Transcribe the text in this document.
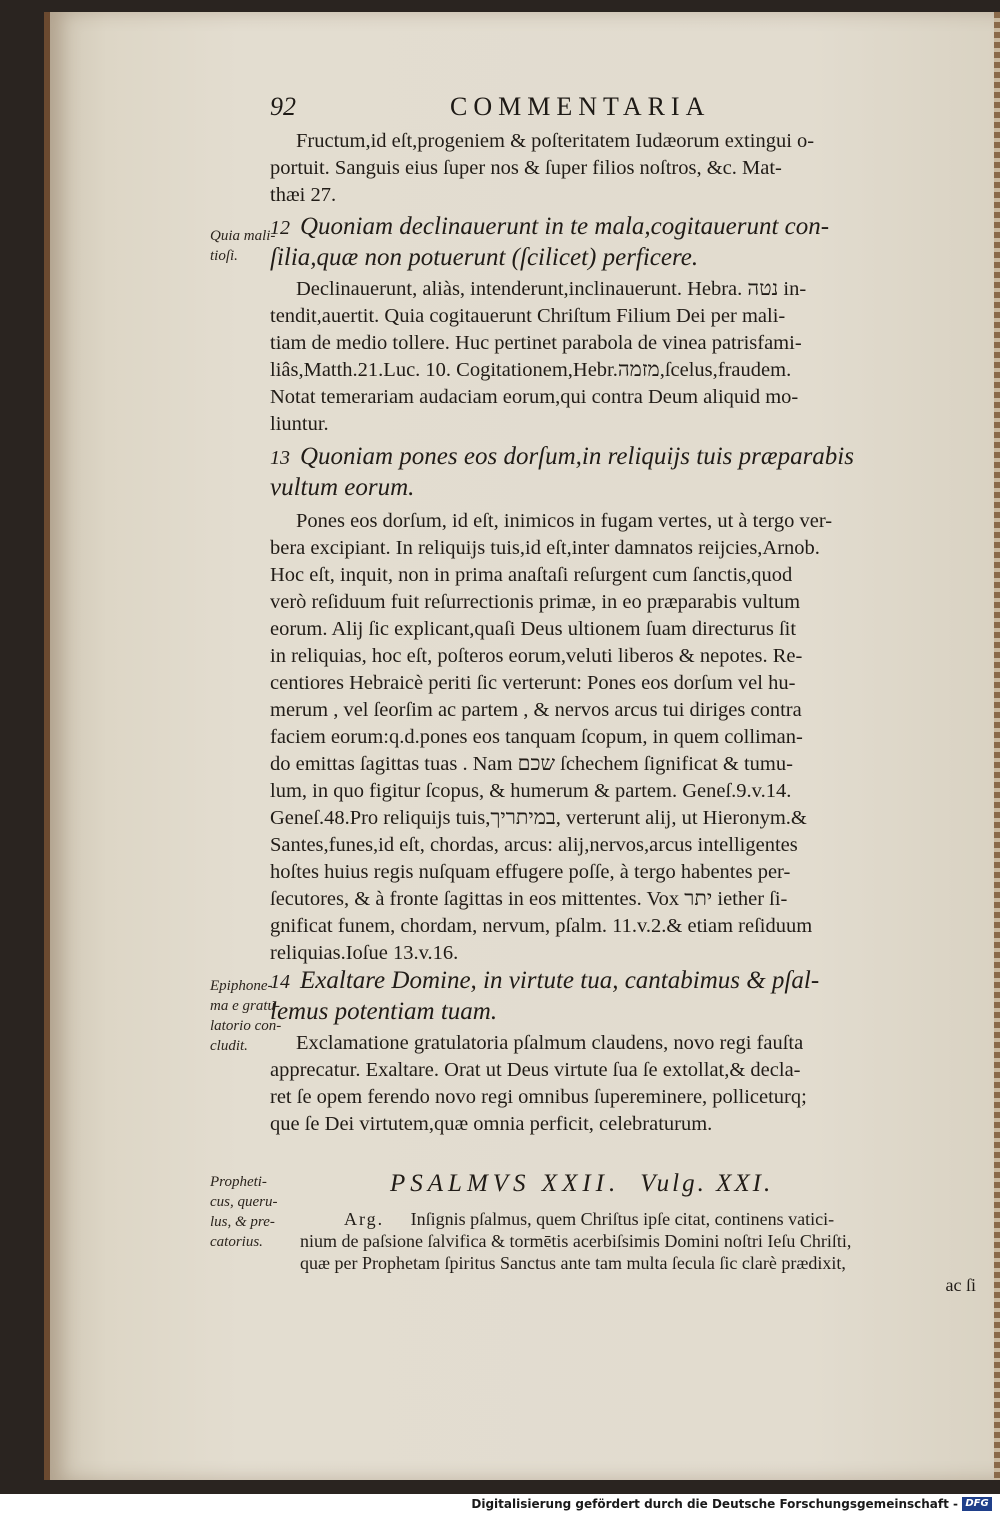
92	COMMENTARIA
Fructum,id eſt,progeniem & poſteritatem Iudæorum extingui o-
portuit. Sanguis eius ſuper nos & ſuper filios noſtros, &c. Mat-
thæi 27.
12 Quoniam declinauerunt in te mala,cogitauerunt con-
ſilia,quæ non potuerunt (ſcilicet) perficere.
Declinauerunt, aliàs, intenderunt,inclinauerunt. Hebra. נטה in-
tendit,auertit. Quia cogitauerunt Chriſtum Filium Dei per mali-
tiam de medio tollere. Huc pertinet parabola de vinea patrisfami-
liâs,Matth.21.Luc. 10. Cogitationem,Hebr.מזמה,ſcelus,fraudem.
Notat temerariam audaciam eorum,qui contra Deum aliquid mo-
liuntur.
13 Quoniam pones eos dorſum,in reliquijs tuis præparabis
vultum eorum.
Pones eos dorſum, id eſt, inimicos in fugam vertes, ut à tergo ver-
bera excipiant. In reliquijs tuis,id eſt,inter damnatos reijcies,Arnob.
Hoc eſt, inquit, non in prima anaſtaſi reſurgent cum ſanctis,quod
verò reſiduum fuit reſurrectionis primæ, in eo præparabis vultum
eorum. Alij ſic explicant,quaſi Deus ultionem ſuam directurus ſit
in reliquias, hoc eſt, poſteros eorum,veluti liberos & nepotes. Re-
centiores Hebraicè periti ſic verterunt: Pones eos dorſum vel hu-
merum , vel ſeorſim ac partem , & nervos arcus tui diriges contra
faciem eorum:q.d.pones eos tanquam ſcopum, in quem colliman-
do emittas ſagittas tuas . Nam שכם ſchechem ſignificat & tumu-
lum, in quo figitur ſcopus, & humerum & partem. Geneſ.9.v.14.
Geneſ.48.Pro reliquijs tuis,במיתריך, verterunt alij, ut Hieronym.&
Santes,funes,id eſt, chordas, arcus: alij,nervos,arcus intelligentes
hoſtes huius regis nuſquam effugere poſſe, à tergo habentes per-
ſecutores, & à fronte ſagittas in eos mittentes. Vox יתר iether ſi-
gnificat funem, chordam, nervum, pſalm. 11.v.2.& etiam reſiduum
reliquias.Ioſue 13.v.16.
14 Exaltare Domine, in virtute tua, cantabimus & pſal-
lemus potentiam tuam.
Exclamatione gratulatoria pſalmum claudens, novo regi fauſta
apprecatur. Exaltare. Orat ut Deus virtute ſua ſe extollat,& decla-
ret ſe opem ferendo novo regi omnibus ſupereminere, polliceturq;
que ſe Dei virtutem,quæ omnia perficit, celebraturum.
Quia mali-
tioſi.
Epiphone-
ma e gratu-
latorio con-
cludit.
Propheti-
cus, queru-
lus, & pre-
catorius.
PSALMVS XXII. Vulg. XXI.
Arg. Inſignis pſalmus, quem Chriſtus ipſe citat, continens vatici-
nium de paſsione ſalvifica & tormētis acerbiſsimis Domini noſtri Ieſu Chriſti,
quæ per Prophetam ſpiritus Sanctus ante tam multa ſecula ſic clarè prædixit,
ac ſi
Digitalisierung gefördert durch die Deutsche Forschungsgemeinschaft - DFG
